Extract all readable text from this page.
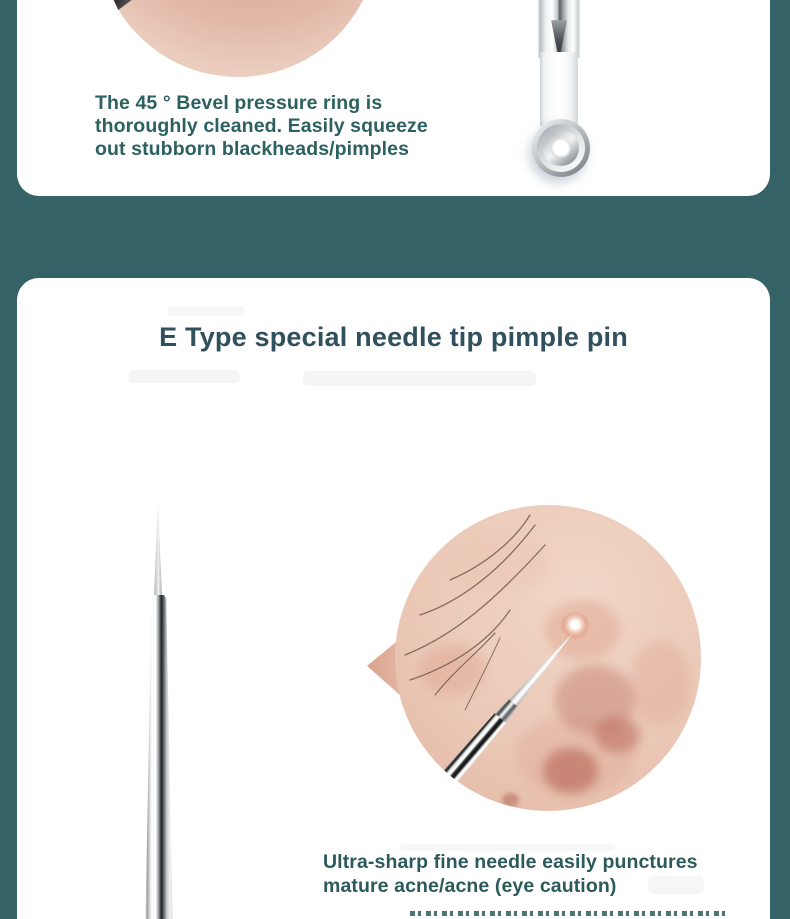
The 45 ° Bevel pressure ring is
thoroughly cleaned. Easily squeeze
out stubborn blackheads/pimples
E Type special needle tip pimple pin
Ultra-sharp fine needle easily punctures
mature acne/acne (eye caution)
